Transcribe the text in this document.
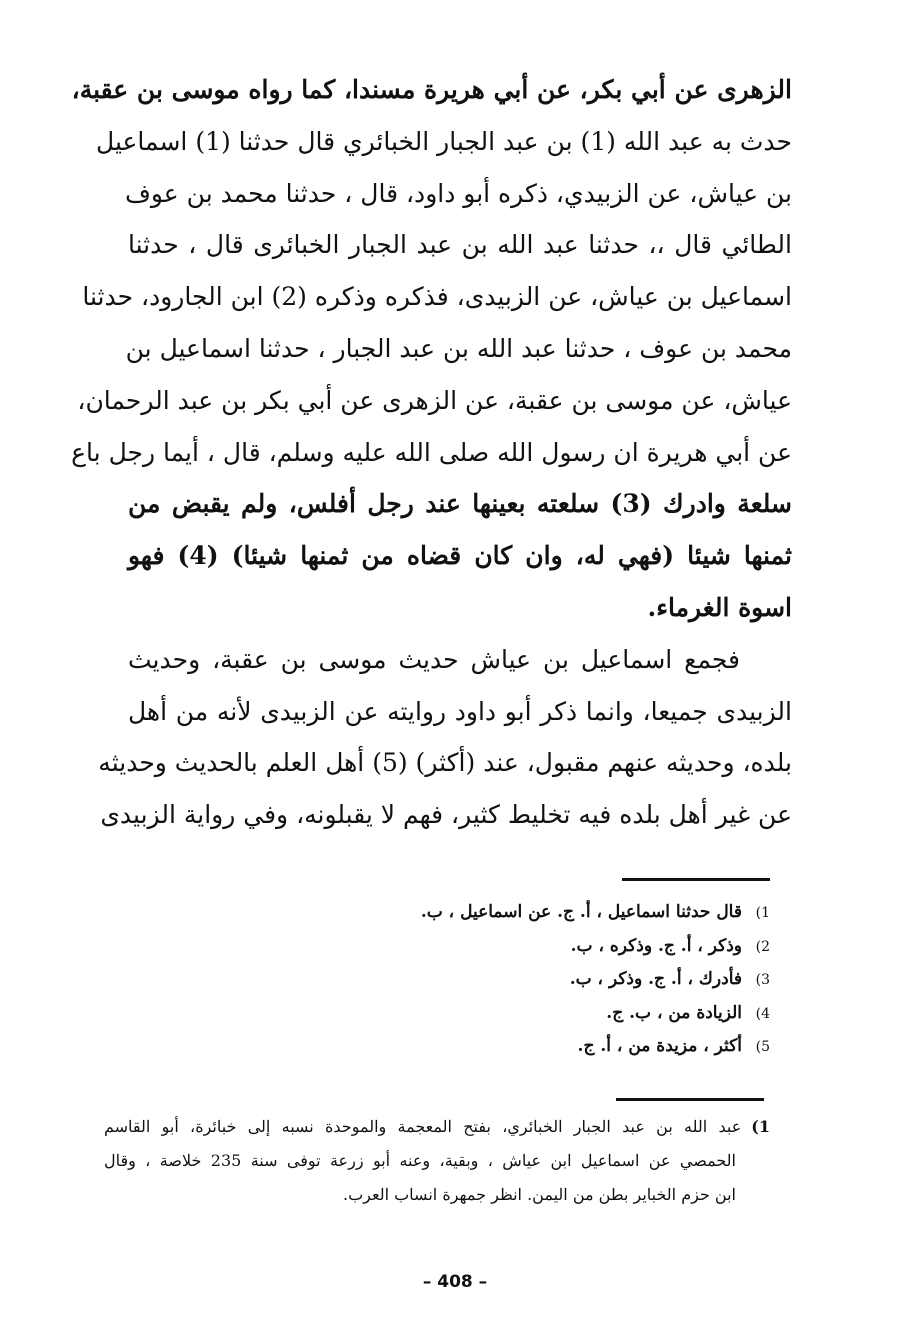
الزهرى عن أبي بكر، عن أبي هريرة مسندا، كما رواه موسى بن عقبة،
حدث به عبد الله (1) بن عبد الجبار الخبائري قال حدثنا (1) اسماعيل
بن عياش، عن الزبيدي، ذكره أبو داود، قال ، حدثنا محمد بن عوف
الطائي قال ،، حدثنا عبد الله بن عبد الجبار الخبائرى قال ، حدثنا
اسماعيل بن عياش، عن الزبيدى، فذكره وذكره (2) ابن الجارود، حدثنا
محمد بن عوف ، حدثنا عبد الله بن عبد الجبار ، حدثنا اسماعيل بن
عياش، عن موسى بن عقبة، عن الزهرى عن أبي بكر بن عبد الرحمان،
عن أبي هريرة ان رسول الله صلى الله عليه وسلم، قال ، أيما رجل باع
سلعة وادرك (3) سلعته بعينها عند رجل أفلس، ولم يقبض من
ثمنها شيئا (فهي له، وان كان قضاه من ثمنها شيئا) (4) فهو
اسوة الغرماء.
فجمع اسماعيل بن عياش حديث موسى بن عقبة، وحديث
الزبيدى جميعا، وانما ذكر أبو داود روايته عن الزبيدى لأنه من أهل
بلده، وحديثه عنهم مقبول، عند (أكثر) (5) أهل العلم بالحديث وحديثه
عن غير أهل بلده فيه تخليط كثير، فهم لا يقبلونه، وفي رواية الزبيدى
1)قال حدثنا اسماعيل ، أ. ج. عن اسماعيل ، ب.
2)وذكر ، أ. ج. وذكره ، ب.
3)فأدرك ، أ. ج. وذكر ، ب.
4)الزيادة من ، ب. ج.
5)أكثر ، مزيدة من ، أ. ج.
1)عبد الله بن عبد الجبار الخبائري، بفتح المعجمة والموحدة نسبه إلى خبائرة، أبو القاسم
الحمصي عن اسماعيل ابن عياش ، وبقية، وعنه أبو زرعة توفى سنة 235 خلاصة ، وقال
ابن حزم الخباير بطن من اليمن. انظر جمهرة انساب العرب.
– 408 –
